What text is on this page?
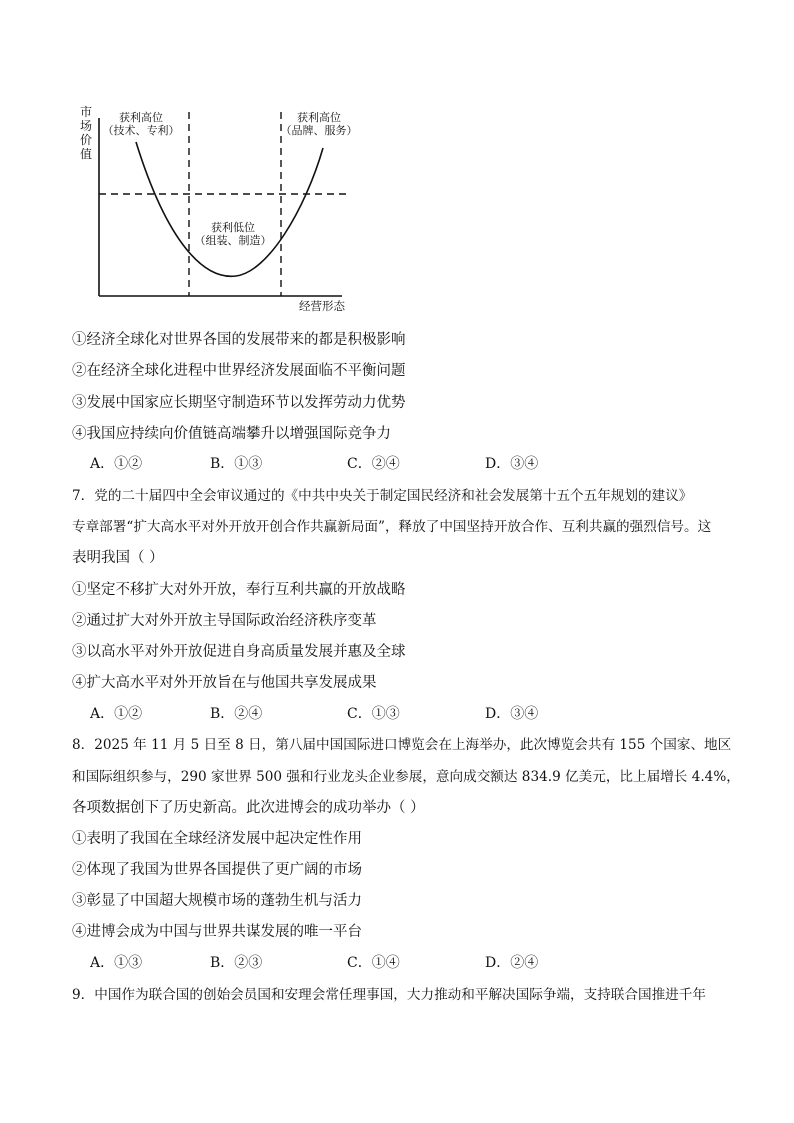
市
场
价
值
经营形态
获利高位
（技术、专利）
获利高位
（品牌、服务）
获利低位
（组装、制造）
①经济全球化对世界各国的发展带来的都是积极影响
②在经济全球化进程中世界经济发展面临不平衡问题
③发展中国家应长期坚守制造环节以发挥劳动力优势
④我国应持续向价值链高端攀升以增强国际竞争力
A．①②	B．①③	C．②④	D．③④
7．党的二十届四中全会审议通过的《中共中央关于制定国民经济和社会发展第十五个五年规划的建议》
专章部署“扩大高水平对外开放开创合作共赢新局面”，释放了中国坚持开放合作、互利共赢的强烈信号。这
表明我国（ ）
①坚定不移扩大对外开放，奉行互利共赢的开放战略
②通过扩大对外开放主导国际政治经济秩序变革
③以高水平对外开放促进自身高质量发展并惠及全球
④扩大高水平对外开放旨在与他国共享发展成果
A．①②	B．②④	C．①③	D．③④
8．2025 年 11 月 5 日至 8 日，第八届中国国际进口博览会在上海举办，此次博览会共有 155 个国家、地区
和国际组织参与，290 家世界 500 强和行业龙头企业参展，意向成交额达 834.9 亿美元，比上届增长 4.4%，
各项数据创下了历史新高。此次进博会的成功举办（ ）
①表明了我国在全球经济发展中起决定性作用
②体现了我国为世界各国提供了更广阔的市场
③彰显了中国超大规模市场的蓬勃生机与活力
④进博会成为中国与世界共谋发展的唯一平台
A．①③	B．②③	C．①④	D．②④
9．中国作为联合国的创始会员国和安理会常任理事国，大力推动和平解决国际争端，支持联合国推进千年
